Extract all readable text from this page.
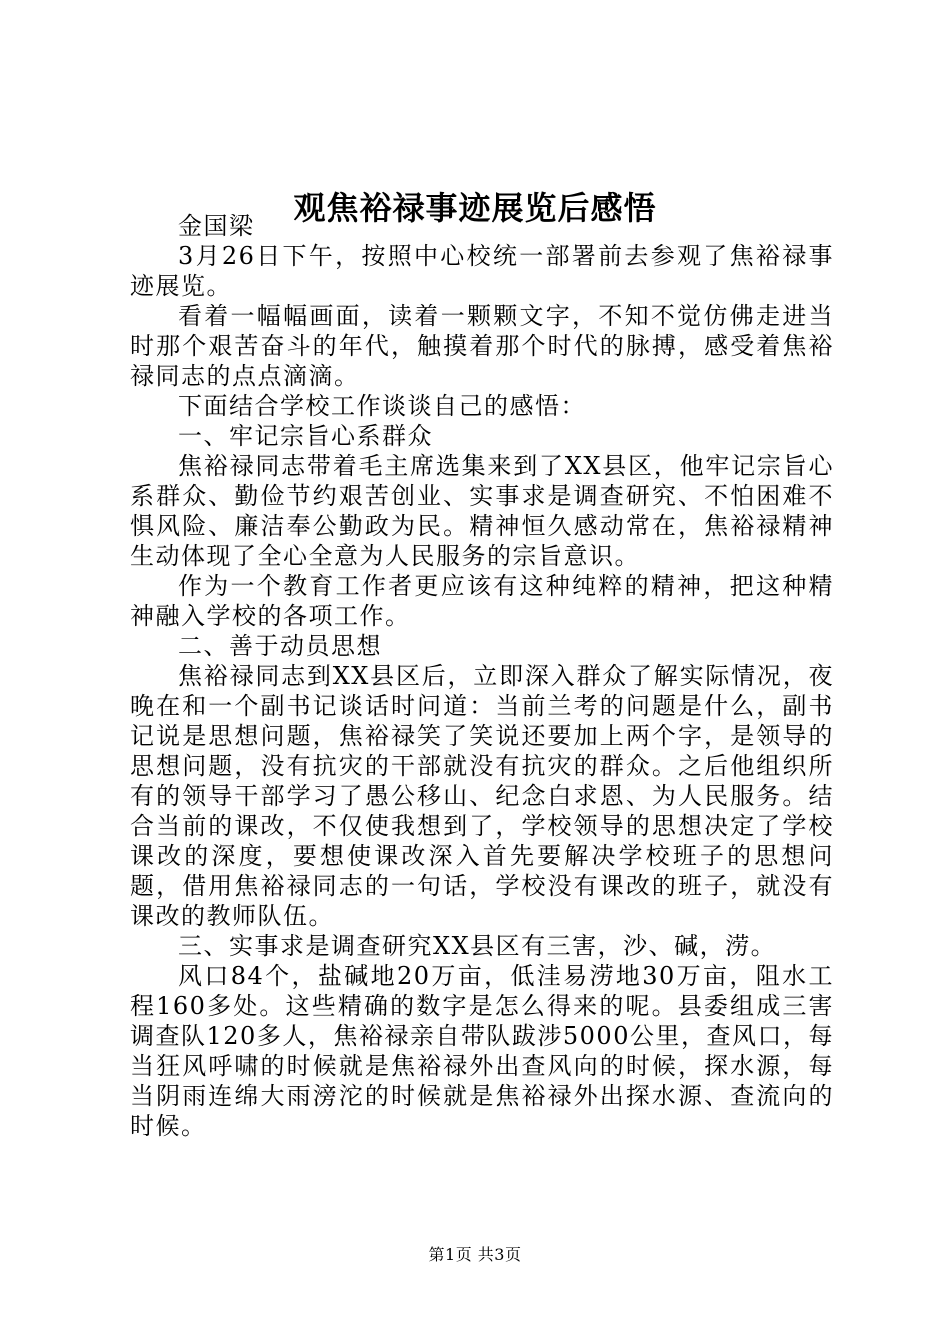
观焦裕禄事迹展览后感悟

金国梁

3月26日下午，按照中心校统一部署前去参观了焦裕禄事迹展览。

看着一幅幅画面，读着一颗颗文字，不知不觉仿佛走进当时那个艰苦奋斗的年代，触摸着那个时代的脉搏，感受着焦裕禄同志的点点滴滴。

下面结合学校工作谈谈自己的感悟：

一、牢记宗旨心系群众

焦裕禄同志带着毛主席选集来到了XX县区，他牢记宗旨心系群众、勤俭节约艰苦创业、实事求是调查研究、不怕困难不惧风险、廉洁奉公勤政为民。精神恒久感动常在，焦裕禄精神生动体现了全心全意为人民服务的宗旨意识。

作为一个教育工作者更应该有这种纯粹的精神，把这种精神融入学校的各项工作。

二、善于动员思想

焦裕禄同志到XX县区后，立即深入群众了解实际情况，夜晚在和一个副书记谈话时问道：当前兰考的问题是什么，副书记说是思想问题，焦裕禄笑了笑说还要加上两个字，是领导的思想问题，没有抗灾的干部就没有抗灾的群众。之后他组织所有的领导干部学习了愚公移山、纪念白求恩、为人民服务。结合当前的课改，不仅使我想到了，学校领导的思想决定了学校课改的深度，要想使课改深入首先要解决学校班子的思想问题，借用焦裕禄同志的一句话，学校没有课改的班子，就没有课改的教师队伍。

三、实事求是调查研究XX县区有三害，沙、碱，涝。

风口84个，盐碱地20万亩，低洼易涝地30万亩，阻水工程160多处。这些精确的数字是怎么得来的呢。县委组成三害调查队120多人，焦裕禄亲自带队跋涉5000公里，查风口，每当狂风呼啸的时候就是焦裕禄外出查风向的时候，探水源，每当阴雨连绵大雨滂沱的时候就是焦裕禄外出探水源、查流向的时候。

第1页 共3页
